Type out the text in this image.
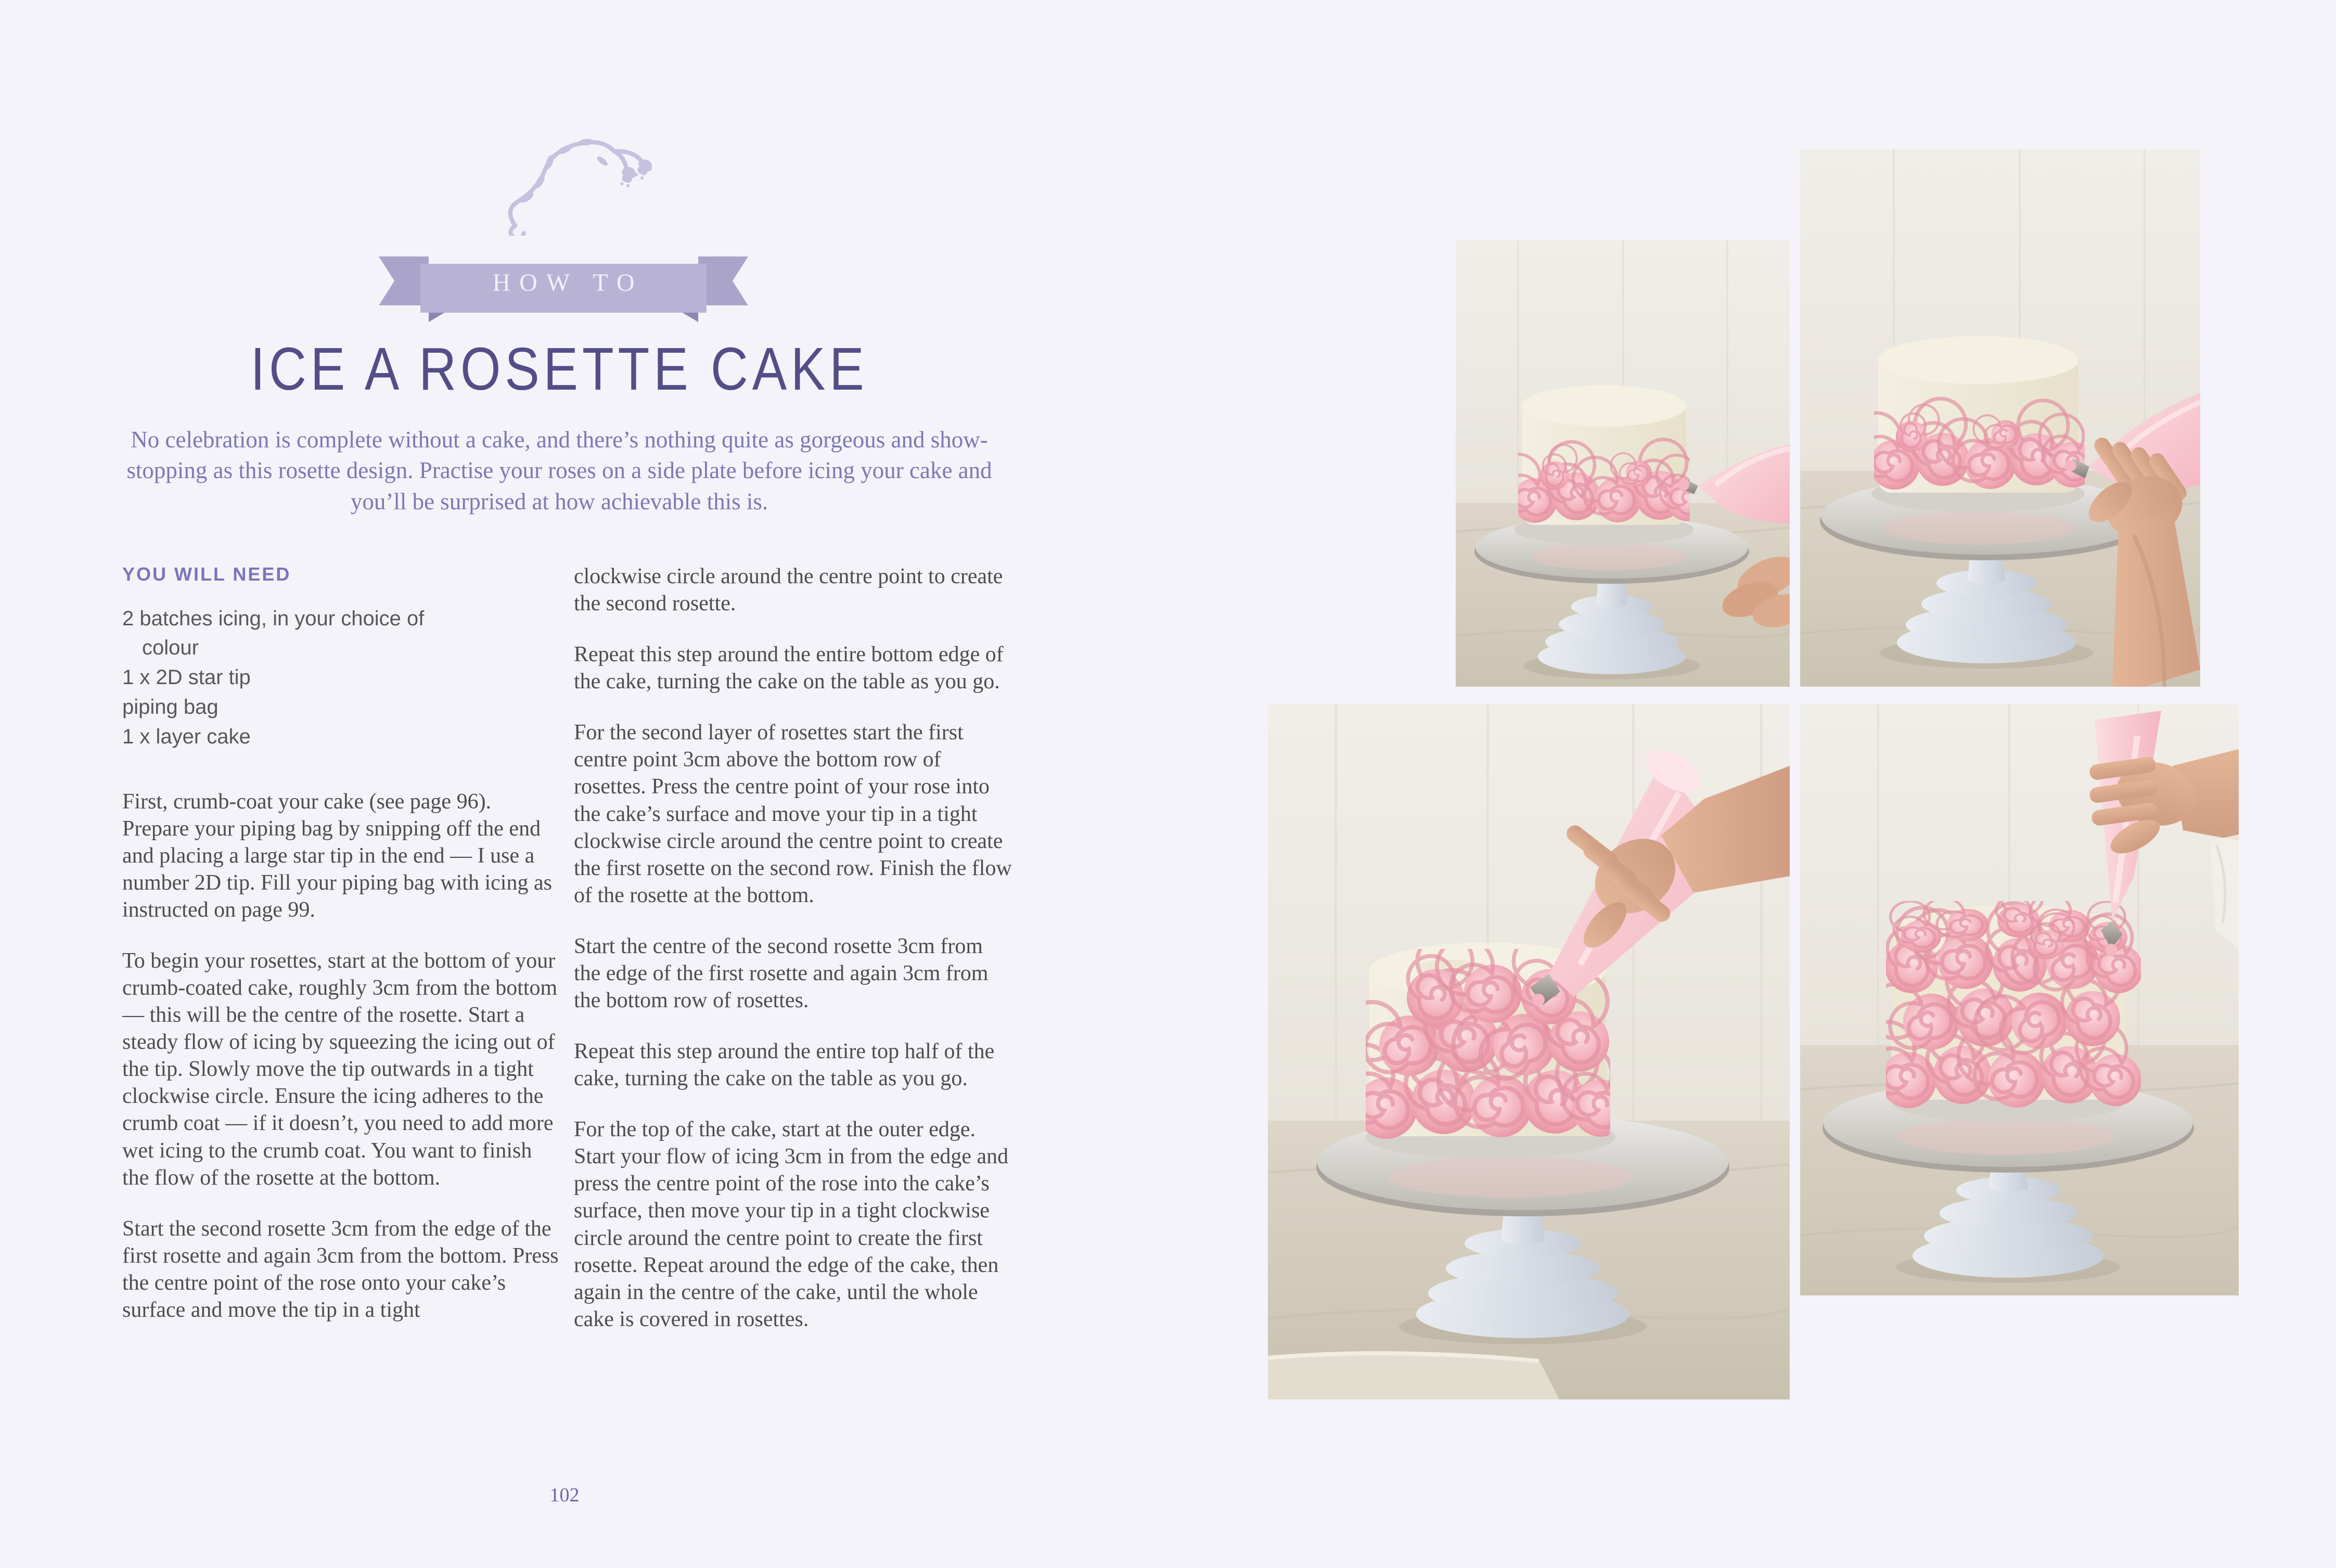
HOW TO
ICE A ROSETTE CAKE
No celebration is complete without a cake, and there’s nothing quite as gorgeous and show-stopping as this rosette design. Practise your roses on a side plate before icing your cake and you’ll be surprised at how achievable this is.
YOU WILL NEED
2 batches icing, in your choice of colour
1 x 2D star tip
piping bag
1 x layer cake

First, crumb-coat your cake (see page 96). Prepare your piping bag by snipping off the end and placing a large star tip in the end — I use a number 2D tip. Fill your piping bag with icing as instructed on page 99.

To begin your rosettes, start at the bottom of your crumb-coated cake, roughly 3cm from the bottom — this will be the centre of the rosette. Start a steady flow of icing by squeezing the icing out of the tip. Slowly move the tip outwards in a tight clockwise circle. Ensure the icing adheres to the crumb coat — if it doesn’t, you need to add more wet icing to the crumb coat. You want to finish the flow of the rosette at the bottom.

Start the second rosette 3cm from the edge of the first rosette and again 3cm from the bottom. Press the centre point of the rose onto your cake’s surface and move the tip in a tight

clockwise circle around the centre point to create the second rosette.

Repeat this step around the entire bottom edge of the cake, turning the cake on the table as you go.

For the second layer of rosettes start the first centre point 3cm above the bottom row of rosettes. Press the centre point of your rose into the cake’s surface and move your tip in a tight clockwise circle around the centre point to create the first rosette on the second row. Finish the flow of the rosette at the bottom.

Start the centre of the second rosette 3cm from the edge of the first rosette and again 3cm from the bottom row of rosettes.

Repeat this step around the entire top half of the cake, turning the cake on the table as you go.

For the top of the cake, start at the outer edge. Start your flow of icing 3cm in from the edge and press the centre point of the rose into the cake’s surface, then move your tip in a tight clockwise circle around the centre point to create the first rosette. Repeat around the edge of the cake, then again in the centre of the cake, until the whole cake is covered in rosettes.

102
